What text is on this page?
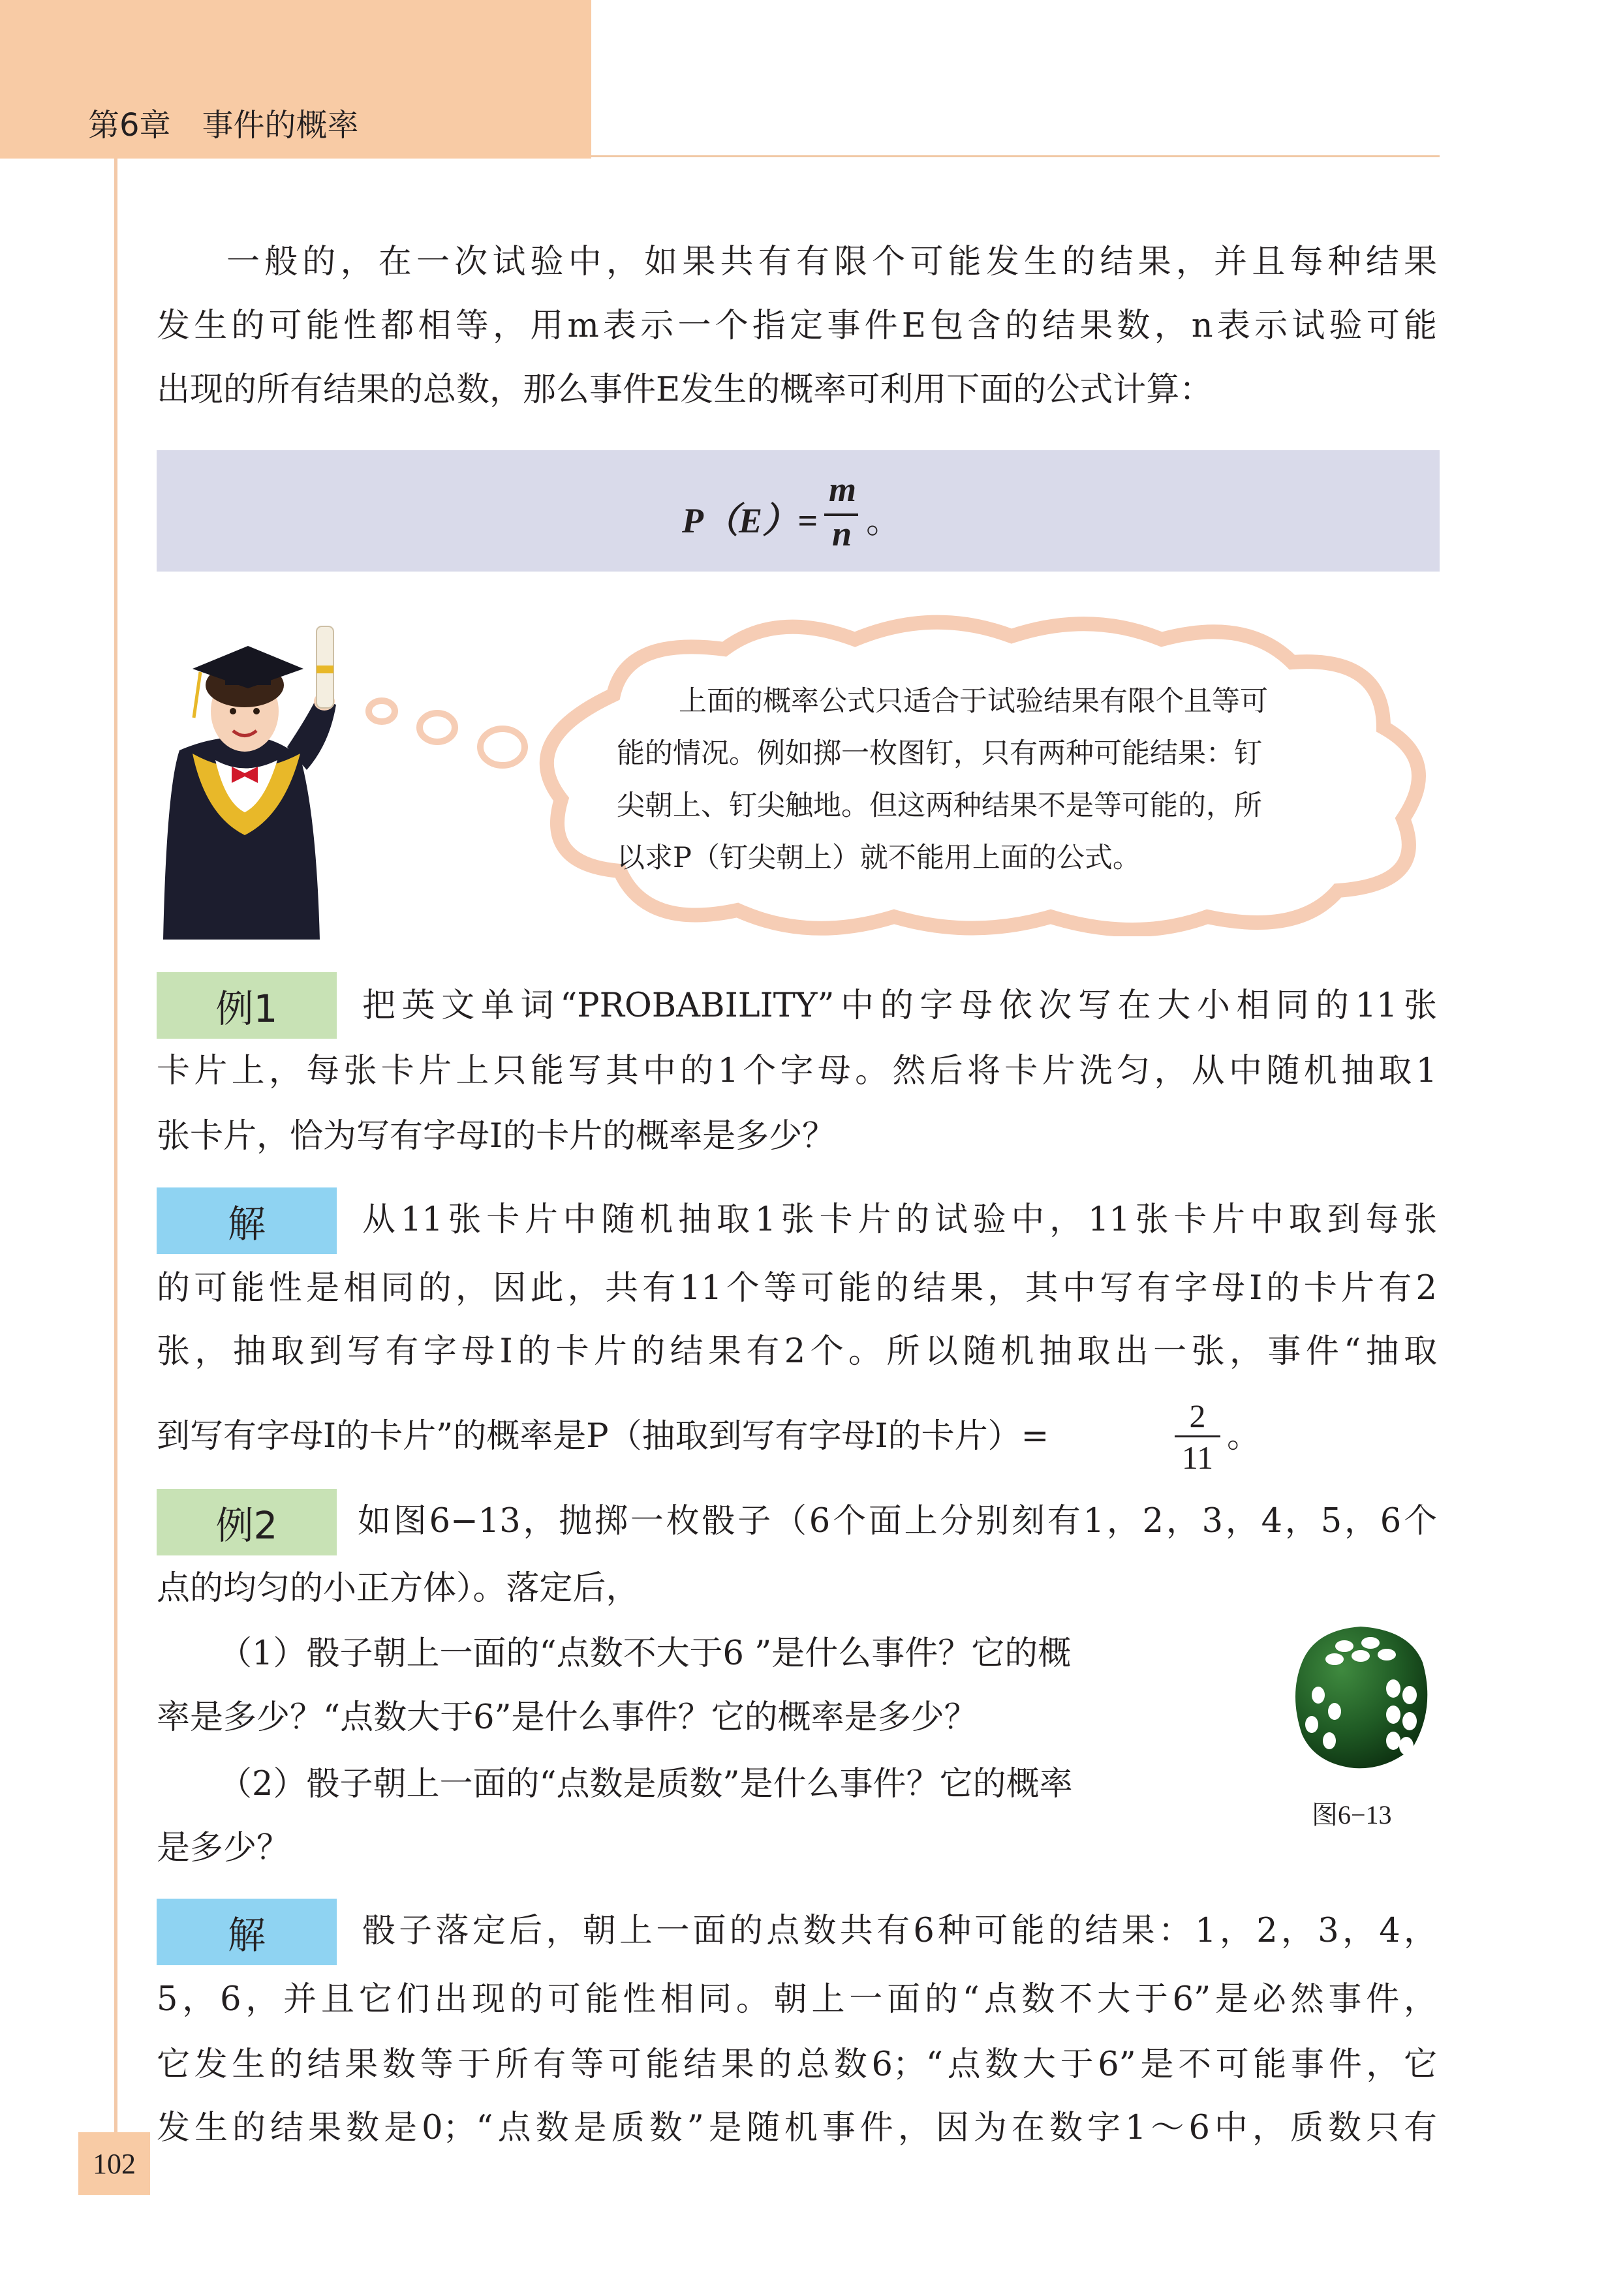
第6章　事件的概率
一般的，在一次试验中，如果共有有限个可能发生的结果，并且每种结果
发生的可能性都相等，用m表示一个指定事件E包含的结果数，n表示试验可能
出现的所有结果的总数，那么事件E发生的概率可利用下面的公式计算：
P（E）=
m
n 。
上面的概率公式只适合于试验结果有限个且等可
能的情况。例如掷一枚图钉，只有两种可能结果：钉
尖朝上、钉尖触地。但这两种结果不是等可能的，所
以求P（钉尖朝上）就不能用上面的公式。
例1	把英文单词“PROBABILITY”中的字母依次写在大小相同的11张
卡片上，每张卡片上只能写其中的1个字母。然后将卡片洗匀，从中随机抽取1
张卡片，恰为写有字母I的卡片的概率是多少？
解	从11张卡片中随机抽取1张卡片的试验中，11张卡片中取到每张
的可能性是相同的，因此，共有11个等可能的结果，其中写有字母I的卡片有2
张，抽取到写有字母I的卡片的结果有2个。所以随机抽取出一张，事件“抽取
到写有字母I的卡片”的概率是P（抽取到写有字母I的卡片）=
2
11
。
例2	如图6−13，抛掷一枚骰子（6个面上分别刻有1，2，3，4，5，6个
点的均匀的小正方体）。落定后，
（1）骰子朝上一面的“点数不大于6 ”是什么事件？它的概
率是多少？“点数大于6”是什么事件？它的概率是多少？
（2）骰子朝上一面的“点数是质数”是什么事件？它的概率
是多少？
图6−13
解	骰子落定后，朝上一面的点数共有6种可能的结果：1，2，3，4，
5，6，并且它们出现的可能性相同。朝上一面的“点数不大于6”是必然事件，
它发生的结果数等于所有等可能结果的总数6；“点数大于6”是不可能事件，它
发生的结果数是0；“点数是质数”是随机事件，因为在数字1～6中，质数只有
102
